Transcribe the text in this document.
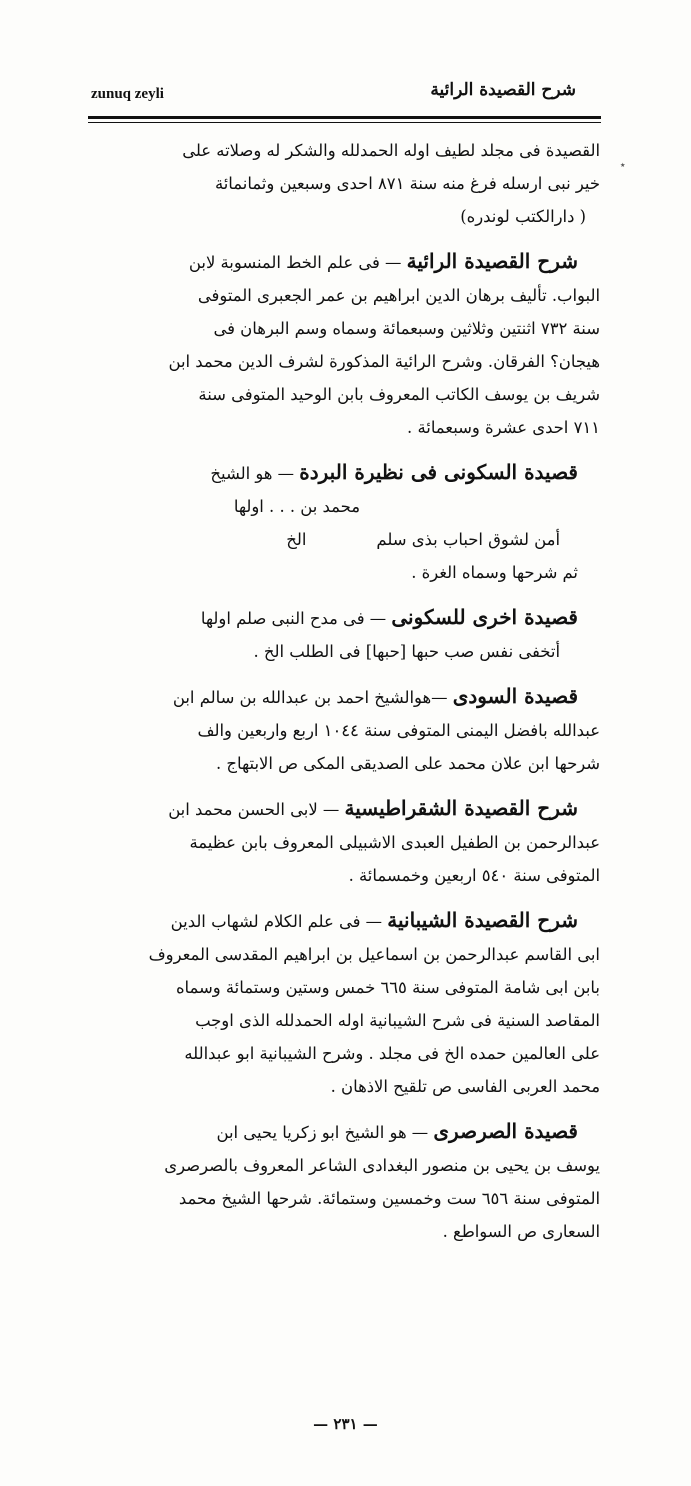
zunuq zeyli	شرح القصيدة الرائية
٭
القصيدة فى مجلد لطيف اوله الحمدلله والشكر له وصلاته على
خير نبى ارسله فرغ منه سنة ٨٧١ احدى وسبعين وثمانمائة
( دارالكتب لوندره)
شرح القصيدة الرائية — فى علم الخط المنسوبة لابن
البواب. تأليف برهان الدين ابراهيم بن عمر الجعبرى المتوفى
سنة ٧٣٢ اثنتين وثلاثين وسبعمائة وسماه وسم البرهان فى
هيجان؟ الفرقان. وشرح الرائية المذكورة لشرف الدين محمد ابن
شريف بن يوسف الكاتب المعروف بابن الوحيد المتوفى سنة
٧١١ احدى عشرة وسبعمائة .
قصيدة السكونى فى نظيرة البردة — هو الشيخ
محمد بن . . . اولها
أمن لشوق احباب بذى سلمالخ
ثم شرحها وسماه الغرة .
قصيدة اخرى للسكونى — فى مدح النبى صلم اولها
أتخفى نفس صب حبها [حبها] فى الطلب الخ .
قصيدة السودى —هوالشيخ احمد بن عبدالله بن سالم ابن
عبدالله بافضل اليمنى المتوفى سنة ١٠٤٤ اربع واربعين والف
شرحها ابن علان محمد على الصديقى المكى ص الابتهاج .
شرح القصيدة الشقراطيسية — لابى الحسن محمد ابن
عبدالرحمن بن الطفيل العبدى الاشبيلى المعروف بابن عظيمة
المتوفى سنة ٥٤٠ اربعين وخمسمائة .
شرح القصيدة الشيبانية — فى علم الكلام لشهاب الدين
ابى القاسم عبدالرحمن بن اسماعيل بن ابراهيم المقدسى المعروف
بابن ابى شامة المتوفى سنة ٦٦٥ خمس وستين وستمائة وسماه
المقاصد السنية فى شرح الشيبانية اوله الحمدلله الذى اوجب
على العالمين حمده الخ فى مجلد . وشرح الشيبانية ابو عبدالله
محمد العربى الفاسى ص تلقيح الاذهان .
قصيدة الصرصرى — هو الشيخ ابو زكريا يحيى ابن
يوسف بن يحيى بن منصور البغدادى الشاعر المعروف بالصرصرى
المتوفى سنة ٦٥٦ ست وخمسين وستمائة. شرحها الشيخ محمد
السعارى ص السواطع .
— ٢٣١ —
